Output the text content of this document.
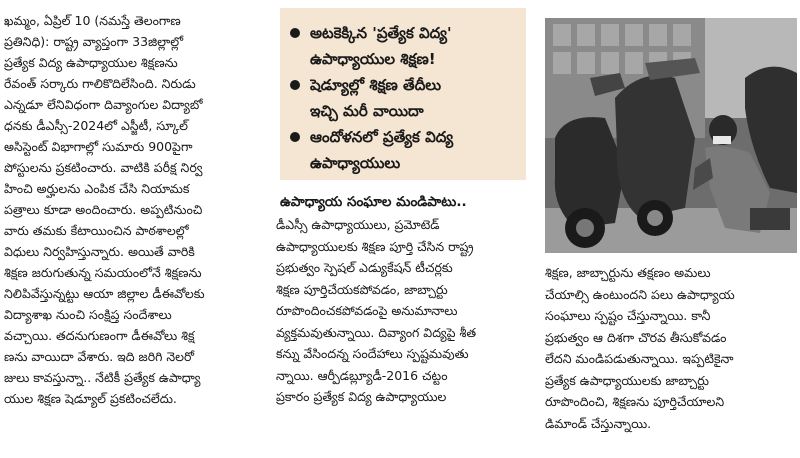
ఖమ్మం, ఏప్రిల్ 10 (నమస్తే తెలంగాణ
ప్రతినిధి): రాష్ట్ర వ్యాప్తంగా 33జిల్లాల్లో
ప్రత్యేక విద్య ఉపాధ్యాయుల శిక్షణను
రేవంత్ సర్కారు గాలికొదిలేసింది. నిరుడు
ఎన్నడూ లేనివిధంగా దివ్యాంగుల విద్యాబో
ధనకు డీఎస్సీ-2024లో ఎస్జీటీ, స్కూల్
అసిస్టెంట్ విభాగాల్లో సుమారు 900పైగా
పోస్టులను ప్రకటించారు. వాటికి పరీక్ష నిర్వ
హించి అర్హులను ఎంపిక చేసి నియామక
పత్రాలు కూడా అందించారు. అప్పటినుంచి
వారు తమకు కేటాయించిన పాఠశాలల్లో
విధులు నిర్వహిస్తున్నారు. అయితే వారికి
శిక్షణ జరుగుతున్న సమయంలోనే శిక్షణను
నిలిపివేస్తున్నట్టు ఆయా జిల్లాల డీఈవోలకు
విద్యాశాఖ నుంచి సంక్షిప్త సందేశాలు
వచ్చాయి. తదనుగుణంగా డీఈవోలు శిక్ష
ణను వాయిదా వేశారు. ఇది జరిగి నెలరో
జులు కావస్తున్నా.. నేటికీ ప్రత్యేక ఉపాధ్యా
యుల శిక్షణ షెడ్యూల్ ప్రకటించలేదు.
అటకెక్కిన 'ప్రత్యేక విద్య'
ఉపాధ్యాయుల శిక్షణ!
షెడ్యూల్లో శిక్షణ తేదీలు
ఇచ్చి మరీ వాయిదా
ఆందోళనలో ప్రత్యేక విద్య
ఉపాధ్యాయులు
ఉపాధ్యాయ సంఘాల మండిపాటు..
డీఎస్సీ ఉపాధ్యాయులు, ప్రమోటెడ్
ఉపాధ్యాయులకు శిక్షణ పూర్తి చేసిన రాష్ట్ర
ప్రభుత్వం స్పెషల్ ఎడ్యుకేషన్ టీచర్లకు
శిక్షణ పూర్తిచేయకపోవడం, జాబ్చార్టు
రూపొందించకపోవడంపై అనుమానాలు
వ్యక్తమవుతున్నాయి. దివ్యాంగ విద్యపై శీత
కన్ను వేసిందన్న సందేహాలు స్పష్టమవుతు
న్నాయి. ఆర్పీడబ్ల్యూడీ-2016 చట్టం
ప్రకారం ప్రత్యేక విద్య ఉపాధ్యాయుల
శిక్షణ, జాబ్చార్టును తక్షణం అమలు
చేయాల్సి ఉంటుందని పలు ఉపాధ్యాయ
సంఘాలు స్పష్టం చేస్తున్నాయి. కానీ
ప్రభుత్వం ఆ దిశగా చొరవ తీసుకోవడం
లేదని మండిపడుతున్నాయి. ఇప్పటికైనా
ప్రత్యేక ఉపాధ్యాయులకు జాబ్చార్టు
రూపొందించి, శిక్షణను పూర్తిచేయాలని
డిమాండ్ చేస్తున్నాయి.
